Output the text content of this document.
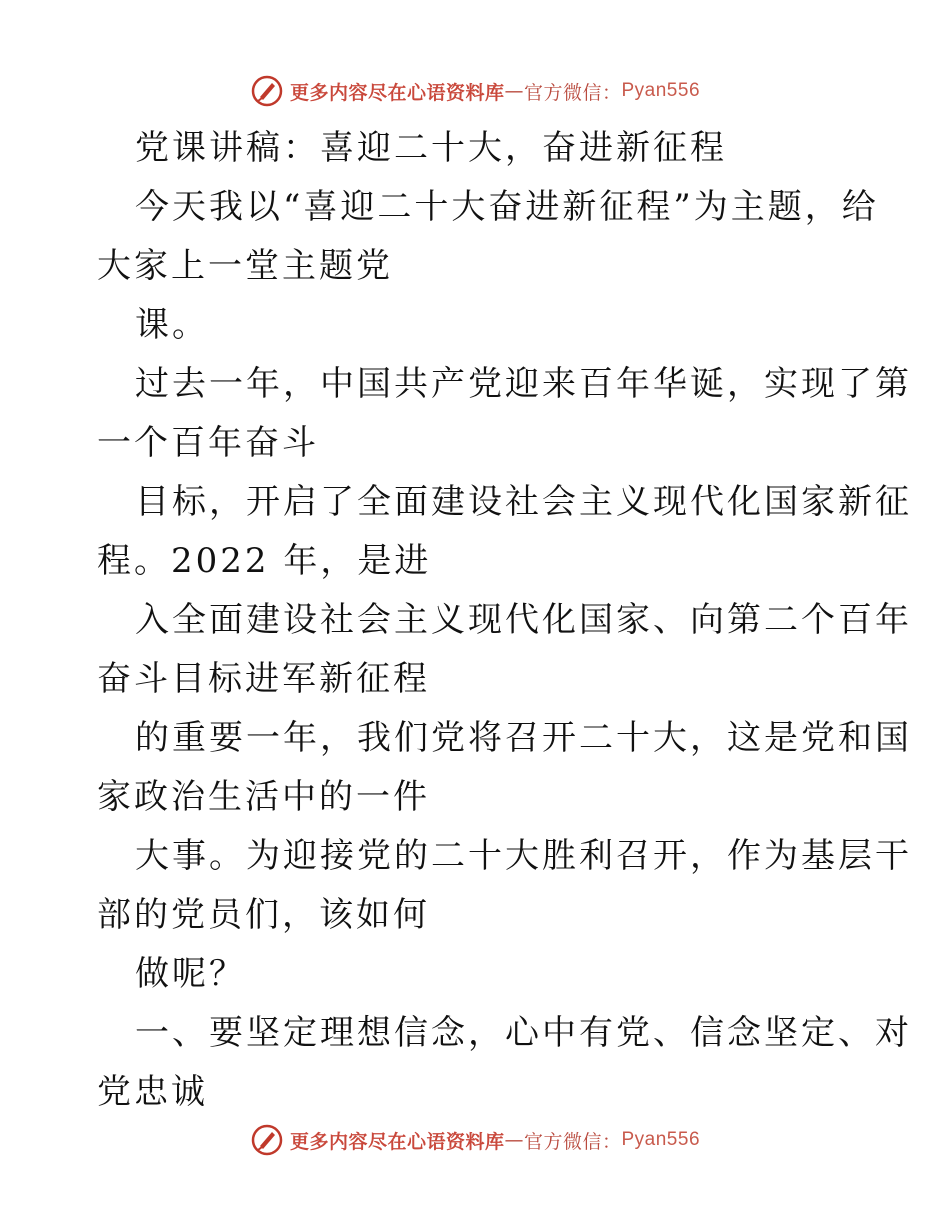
更多内容尽在心语资料库 — 官方微信： Pyan556
党课讲稿：喜迎二十大，奋进新征程
今天我以“喜迎二十大奋进新征程”为主题，给
大家上一堂主题党
课。
过去一年，中国共产党迎来百年华诞，实现了第
一个百年奋斗
目标，开启了全面建设社会主义现代化国家新征
程。2022 年，是进
入全面建设社会主义现代化国家、向第二个百年
奋斗目标进军新征程
的重要一年，我们党将召开二十大，这是党和国
家政治生活中的一件
大事。为迎接党的二十大胜利召开，作为基层干
部的党员们，该如何
做呢？
一、要坚定理想信念，心中有党、信念坚定、对
党忠诚
更多内容尽在心语资料库 — 官方微信： Pyan556
